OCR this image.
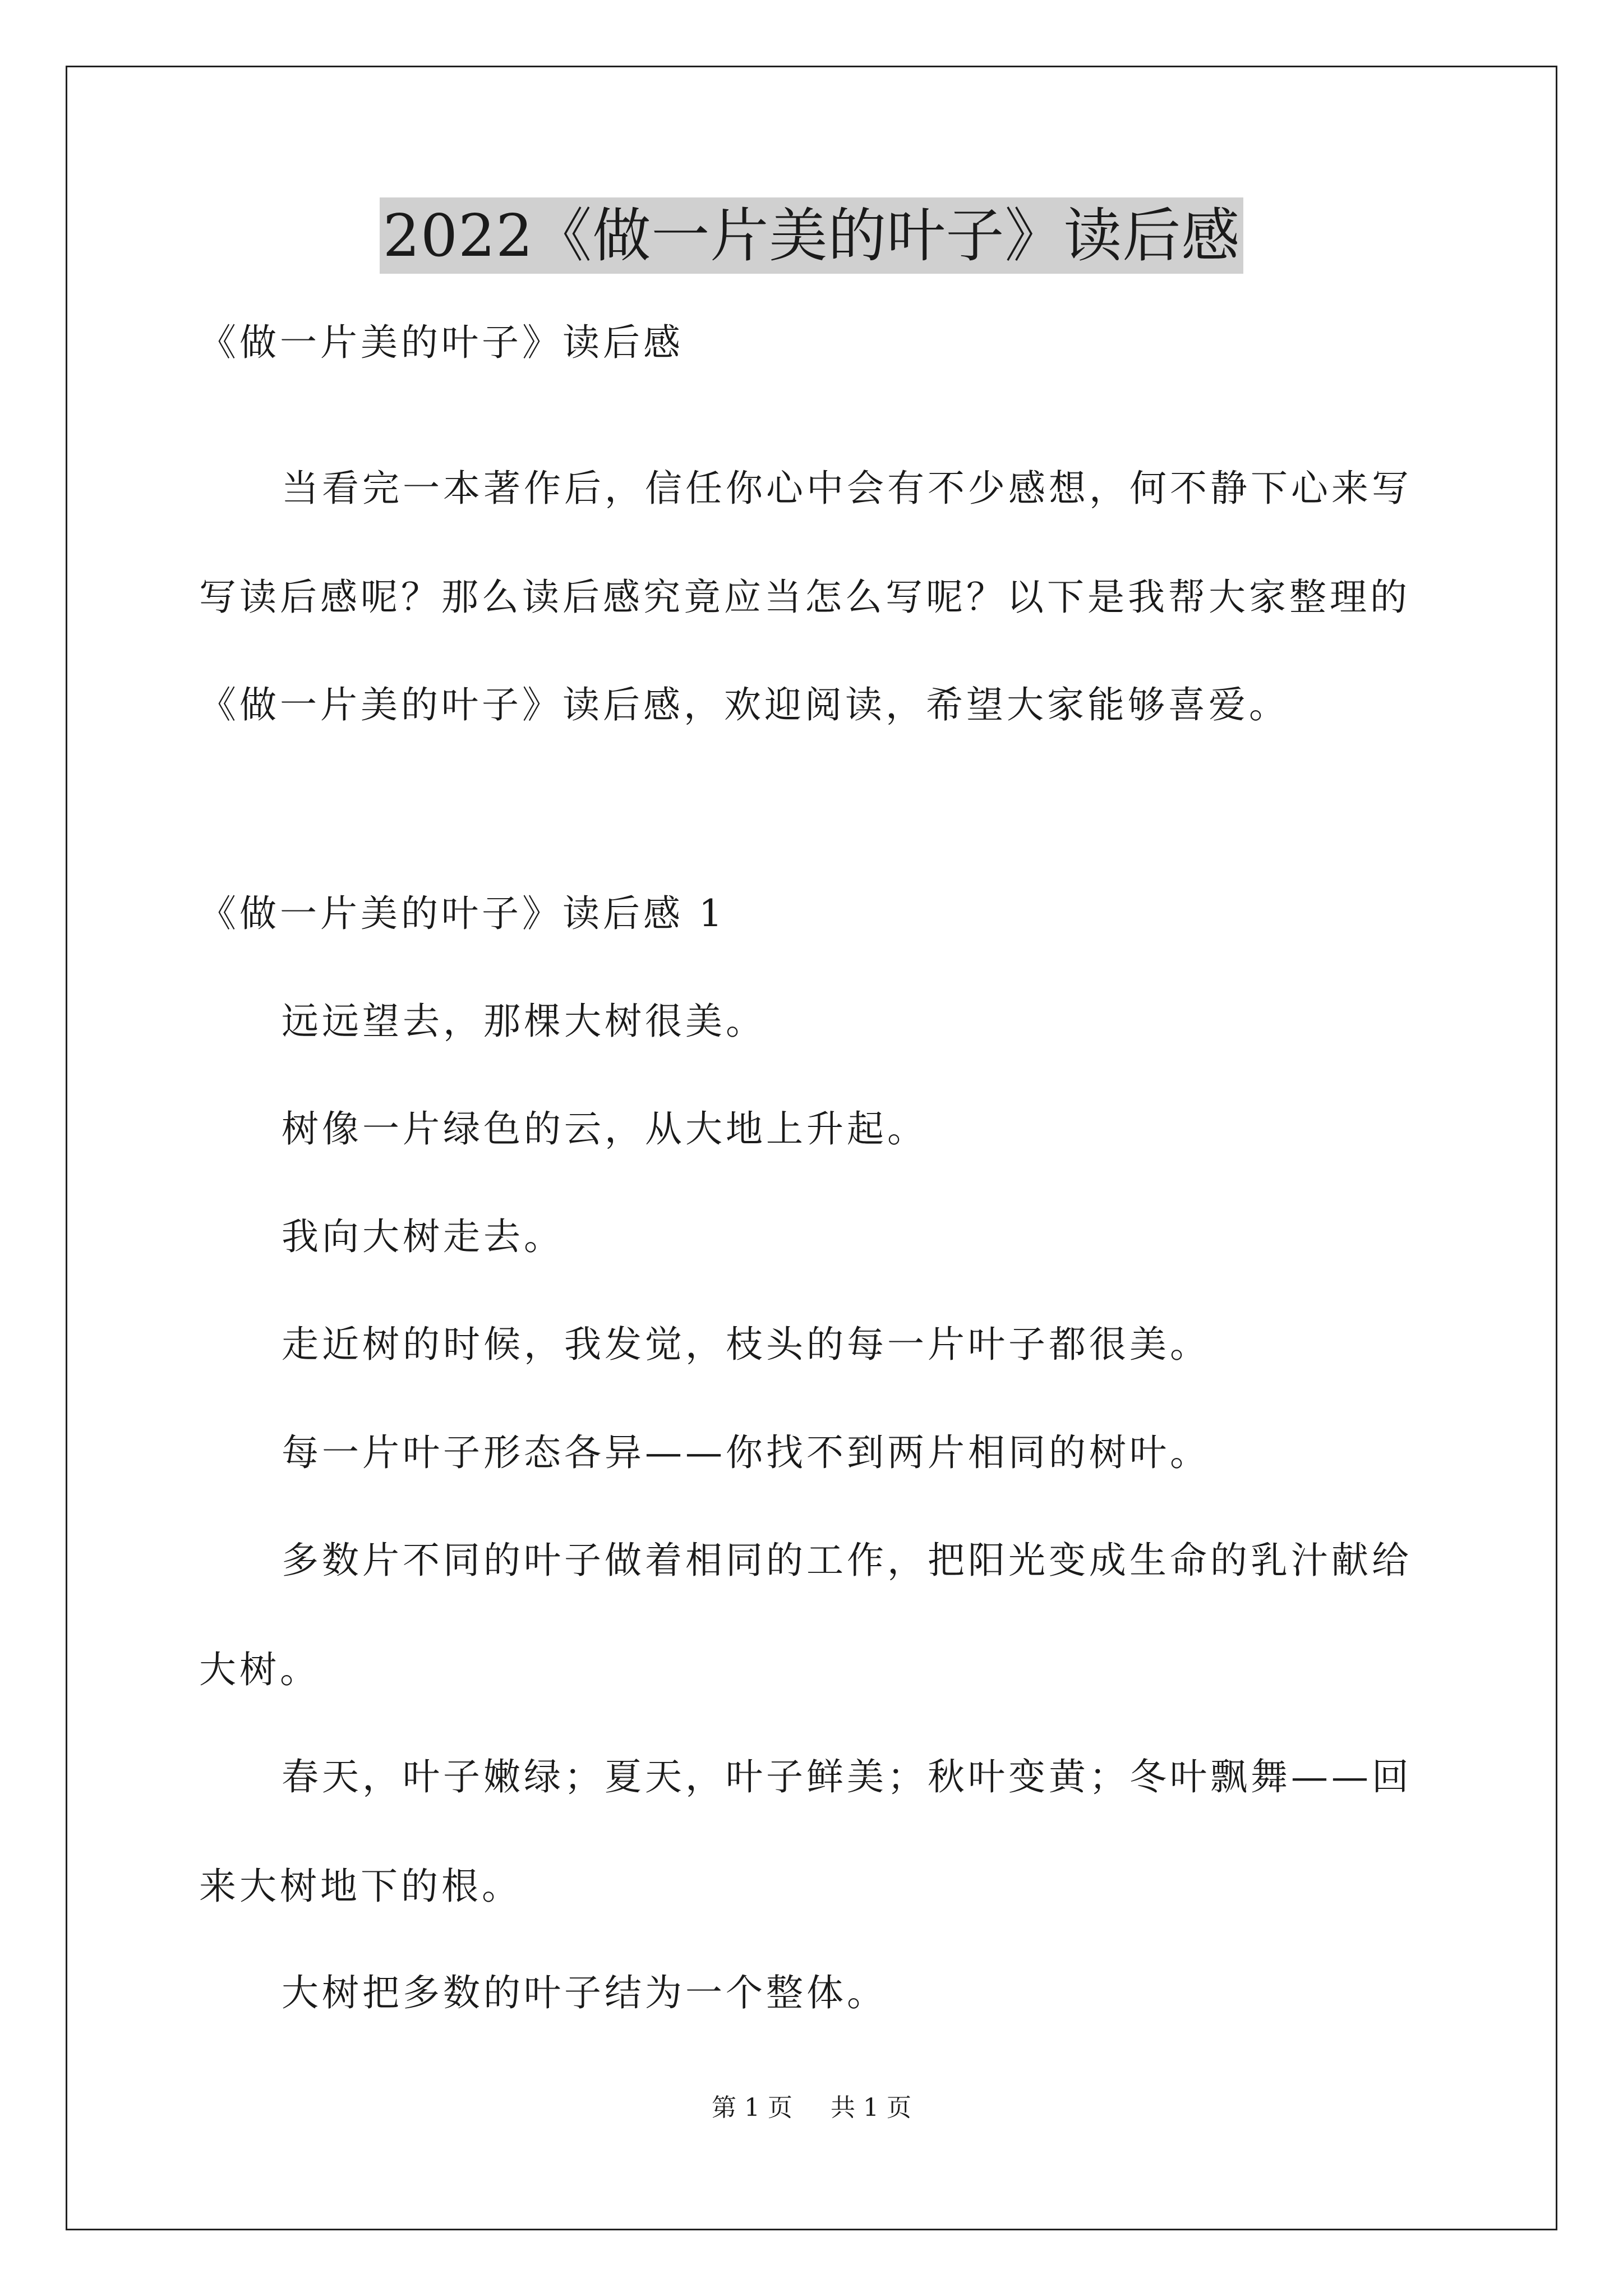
2022《做一片美的叶子》读后感
《做一片美的叶子》读后感
当看完一本著作后，信任你心中会有不少感想，何不静下心来写
写读后感呢？那么读后感究竟应当怎么写呢？以下是我帮大家整理的
《做一片美的叶子》读后感，欢迎阅读，希望大家能够喜爱。
《做一片美的叶子》读后感 1
远远望去，那棵大树很美。
树像一片绿色的云，从大地上升起。
我向大树走去。
走近树的时候，我发觉，枝头的每一片叶子都很美。
每一片叶子形态各异——你找不到两片相同的树叶。
多数片不同的叶子做着相同的工作，把阳光变成生命的乳汁献给
大树。
春天，叶子嫩绿；夏天，叶子鲜美；秋叶变黄；冬叶飘舞——回
来大树地下的根。
大树把多数的叶子结为一个整体。
第 1 页 共 1 页
